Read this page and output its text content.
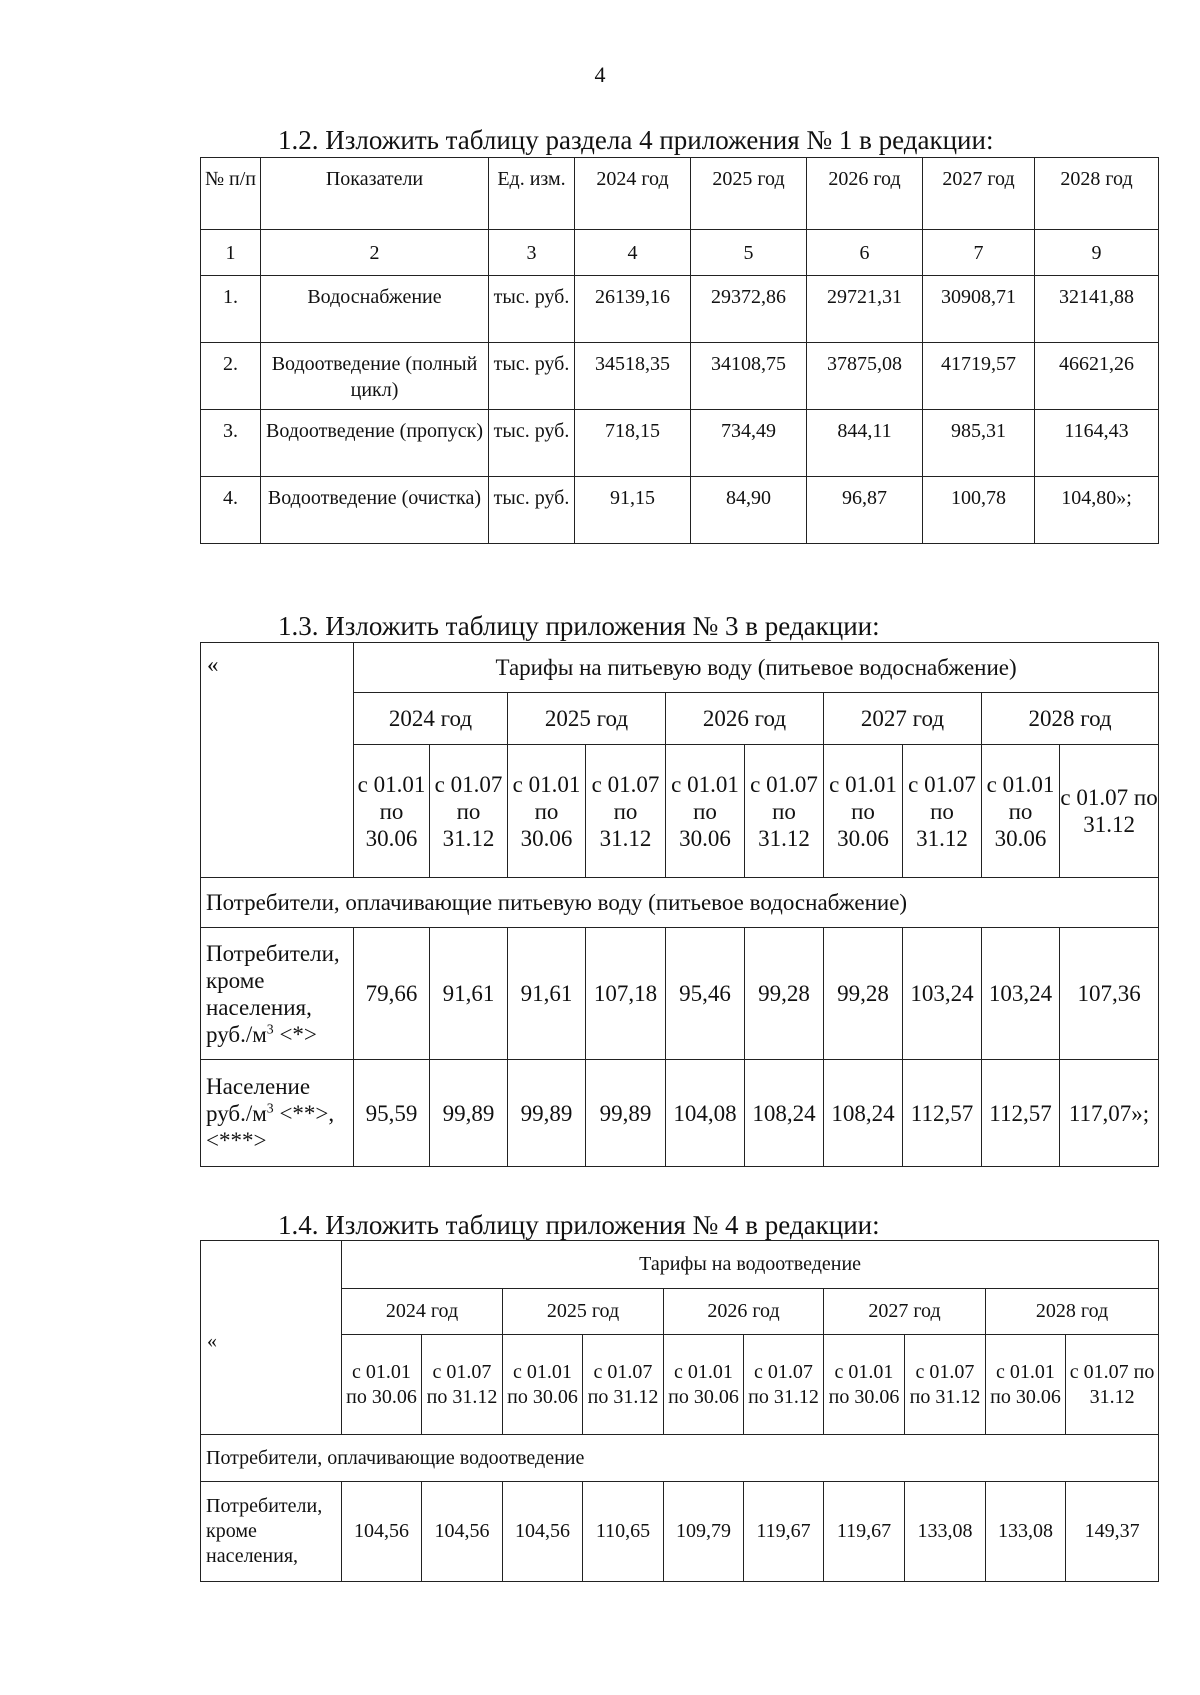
4
1.2. Изложить таблицу раздела 4 приложения № 1 в редакции:
№ п/п	Показатели	Ед. изм.	2024 год	2025 год	2026 год	2027 год	2028 год
1	2	3	4	5	6	7	9
1.	Водоснабжение	тыс. руб.	26139,16	29372,86	29721,31	30908,71	32141,88
2.	Водоотведение (полный цикл)	тыс. руб.	34518,35	34108,75	37875,08	41719,57	46621,26
3.	Водоотведение (пропуск)	тыс. руб.	718,15	734,49	844,11	985,31	1164,43
4.	Водоотведение (очистка)	тыс. руб.	91,15	84,90	96,87	100,78	104,80»;
1.3. Изложить таблицу приложения № 3 в редакции:
«	Тарифы на питьевую воду (питьевое водоснабжение)									
	2024 год		2025 год		2026 год		2027 год		2028 год	
	с 01.01 по 30.06	с 01.07 по 31.12	с 01.01 по 30.06	с 01.07 по 31.12	с 01.01 по 30.06	с 01.07 по 31.12	с 01.01 по 30.06	с 01.07 по 31.12	с 01.01 по 30.06	с 01.07 по 31.12
Потребители, оплачивающие питьевую воду (питьевое водоснабжение)										
Потребители, кроме населения, $руб./м^3$ <*>	79,66	91,61	91,61	107,18	95,46	99,28	99,28	103,24	103,24	107,36
Население $руб./м^3$ <**>, <***>	95,59	99,89	99,89	99,89	104,08	108,24	108,24	112,57	112,57	117,07»;
1.4. Изложить таблицу приложения № 4 в редакции:
«	Тарифы на водоотведение									
	2024 год		2025 год		2026 год		2027 год		2028 год	
	с 01.01 по 30.06	с 01.07 по 31.12	с 01.01 по 30.06	с 01.07 по 31.12	с 01.01 по 30.06	с 01.07 по 31.12	с 01.01 по 30.06	с 01.07 по 31.12	с 01.01 по 30.06	с 01.07 по 31.12
Потребители, оплачивающие водоотведение										
Потребители, кроме населения,	104,56	104,56	104,56	110,65	109,79	119,67	119,67	133,08	133,08	149,37
